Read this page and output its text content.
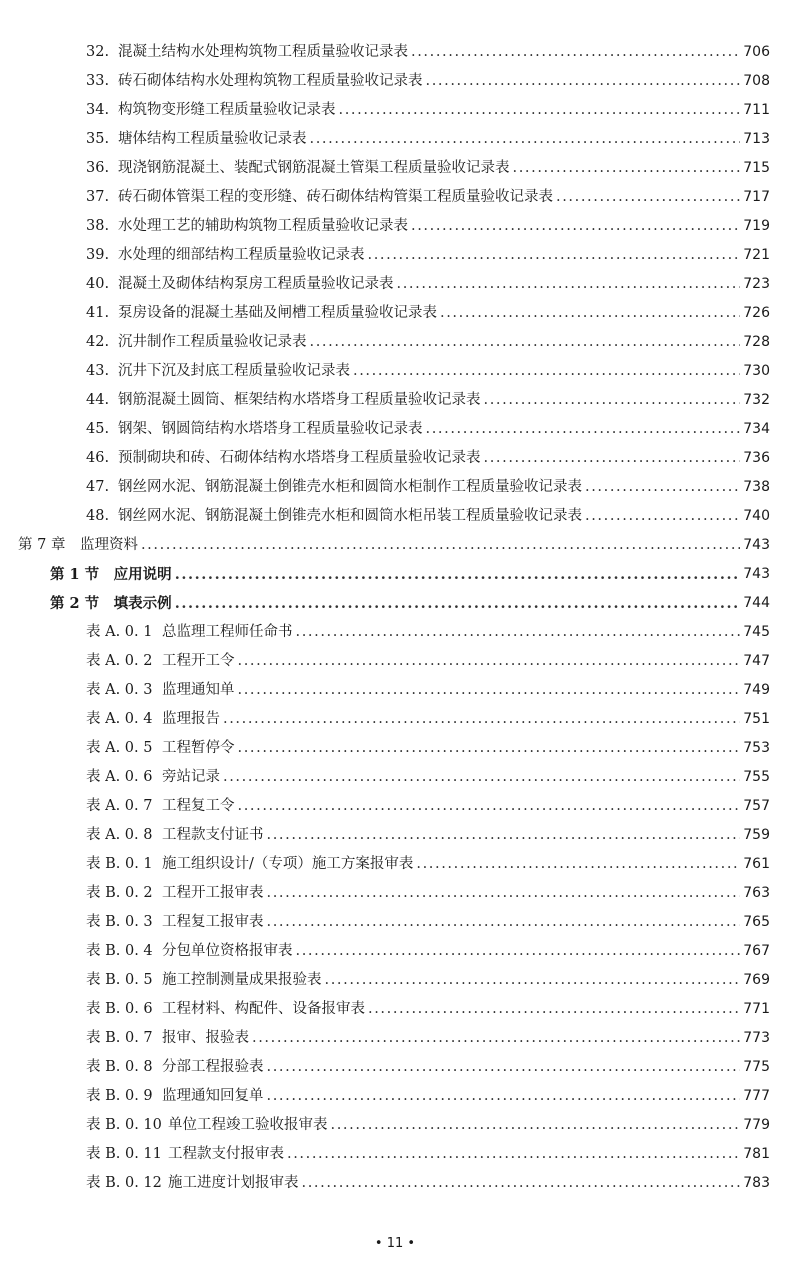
32. 混凝土结构水处理构筑物工程质量验收记录表 .....	706
33. 砖石砌体结构水处理构筑物工程质量验收记录表 .....	708
34. 构筑物变形缝工程质量验收记录表 .....	711
35. 塘体结构工程质量验收记录表 .....	713
36. 现浇钢筋混凝土、装配式钢筋混凝土管渠工程质量验收记录表 .....	715
37. 砖石砌体管渠工程的变形缝、砖石砌体结构管渠工程质量验收记录表 .....	717
38. 水处理工艺的辅助构筑物工程质量验收记录表 .....	719
39. 水处理的细部结构工程质量验收记录表 .....	721
40. 混凝土及砌体结构泵房工程质量验收记录表 .....	723
41. 泵房设备的混凝土基础及闸槽工程质量验收记录表 .....	726
42. 沉井制作工程质量验收记录表 .....	728
43. 沉井下沉及封底工程质量验收记录表 .....	730
44. 钢筋混凝土圆筒、框架结构水塔塔身工程质量验收记录表 .....	732
45. 钢架、钢圆筒结构水塔塔身工程质量验收记录表 .....	734
46. 预制砌块和砖、石砌体结构水塔塔身工程质量验收记录表 .....	736
47. 钢丝网水泥、钢筋混凝土倒锥壳水柜和圆筒水柜制作工程质量验收记录表 .....	738
48. 钢丝网水泥、钢筋混凝土倒锥壳水柜和圆筒水柜吊装工程质量验收记录表 .....	740
第 7 章　监理资料 .....	743
第 1 节　应用说明 .....	743
第 2 节　填表示例 .....	744
表 A. 0. 1 总监理工程师任命书 .....	745
表 A. 0. 2 工程开工令 .....	747
表 A. 0. 3 监理通知单 .....	749
表 A. 0. 4 监理报告 .....	751
表 A. 0. 5 工程暂停令 .....	753
表 A. 0. 6 旁站记录 .....	755
表 A. 0. 7 工程复工令 .....	757
表 A. 0. 8 工程款支付证书 .....	759
表 B. 0. 1 施工组织设计/（专项）施工方案报审表 .....	761
表 B. 0. 2 工程开工报审表 .....	763
表 B. 0. 3 工程复工报审表 .....	765
表 B. 0. 4 分包单位资格报审表 .....	767
表 B. 0. 5 施工控制测量成果报验表 .....	769
表 B. 0. 6 工程材料、构配件、设备报审表 .....	771
表 B. 0. 7 报审、报验表 .....	773
表 B. 0. 8 分部工程报验表 .....	775
表 B. 0. 9 监理通知回复单 .....	777
表 B. 0. 10 单位工程竣工验收报审表 .....	779
表 B. 0. 11 工程款支付报审表 .....	781
表 B. 0. 12 施工进度计划报审表 .....	783
• 11 •
